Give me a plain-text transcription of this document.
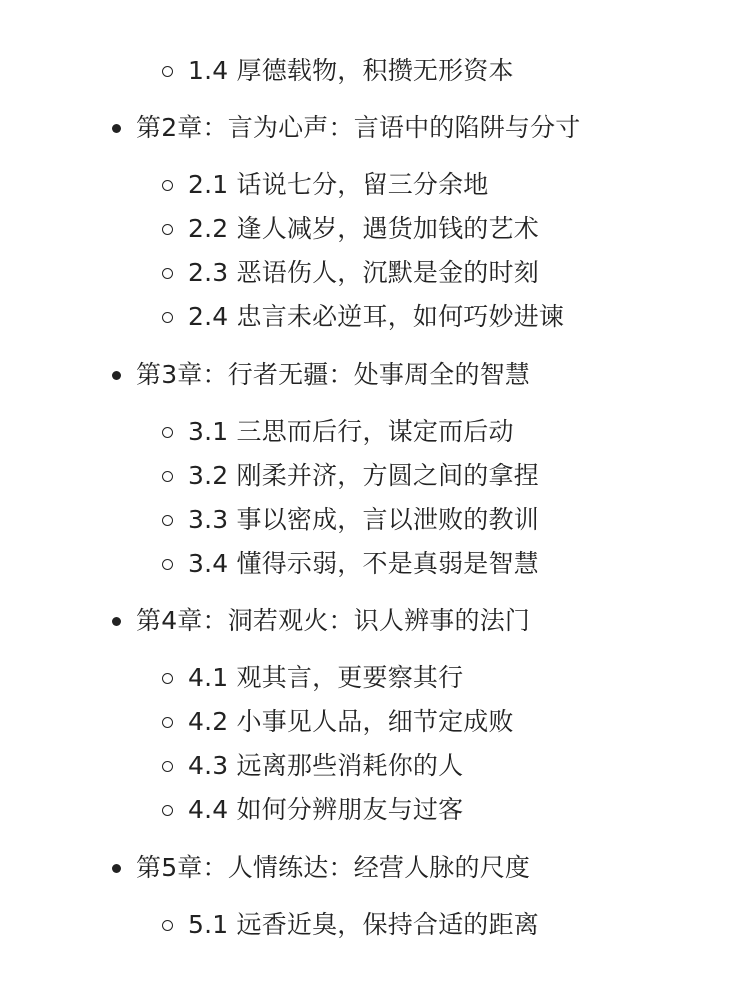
1.4 厚德载物，积攒无形资本
第2章：言为心声：言语中的陷阱与分寸
2.1 话说七分，留三分余地
2.2 逢人减岁，遇货加钱的艺术
2.3 恶语伤人，沉默是金的时刻
2.4 忠言未必逆耳，如何巧妙进谏
第3章：行者无疆：处事周全的智慧
3.1 三思而后行，谋定而后动
3.2 刚柔并济，方圆之间的拿捏
3.3 事以密成，言以泄败的教训
3.4 懂得示弱，不是真弱是智慧
第4章：洞若观火：识人辨事的法门
4.1 观其言，更要察其行
4.2 小事见人品，细节定成败
4.3 远离那些消耗你的人
4.4 如何分辨朋友与过客
第5章：人情练达：经营人脉的尺度
5.1 远香近臭，保持合适的距离
